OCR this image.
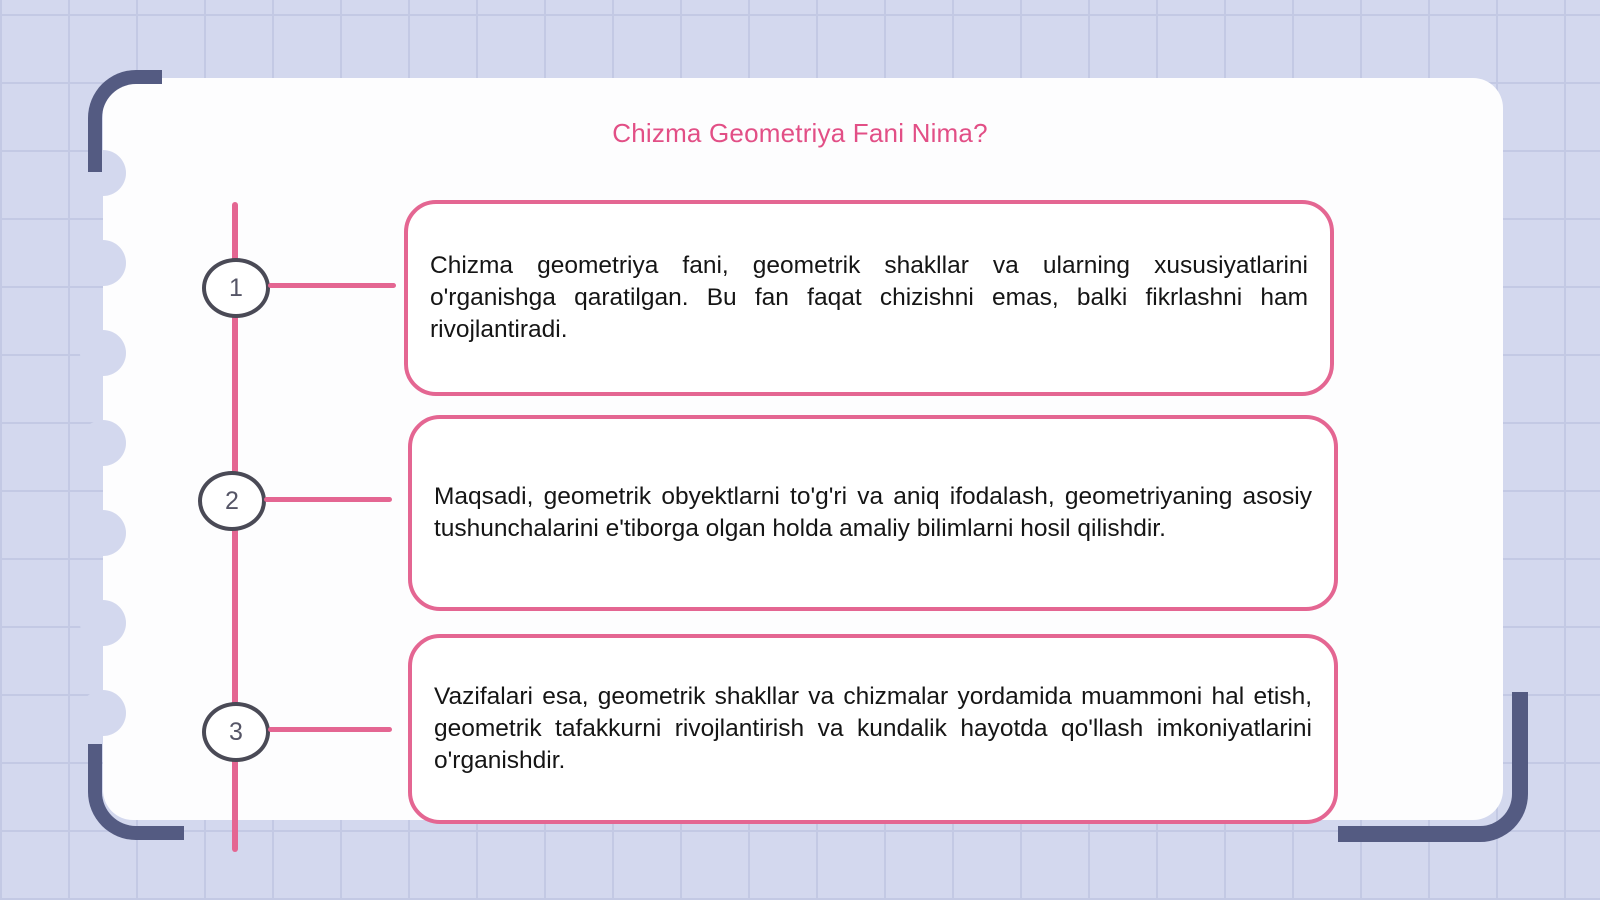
Chizma Geometriya Fani Nima?
1

Chizma geometriya fani, geometrik shakllar va ularning xususiyatlarini o'rganishga qaratilgan. Bu fan faqat chizishni emas, balki fikrlashni ham rivojlantiradi.

2	Maqsadi, geometrik obyektlarni to'g'ri va aniq ifodalash, geometriyaning asosiy tushunchalarini e'tiborga olgan holda amaliy bilimlarni hosil qilishdir.

3

Vazifalari esa, geometrik shakllar va chizmalar yordamida muammoni hal etish, geometrik tafakkurni rivojlantirish va kundalik hayotda qo'llash imkoniyatlarini o'rganishdir.
